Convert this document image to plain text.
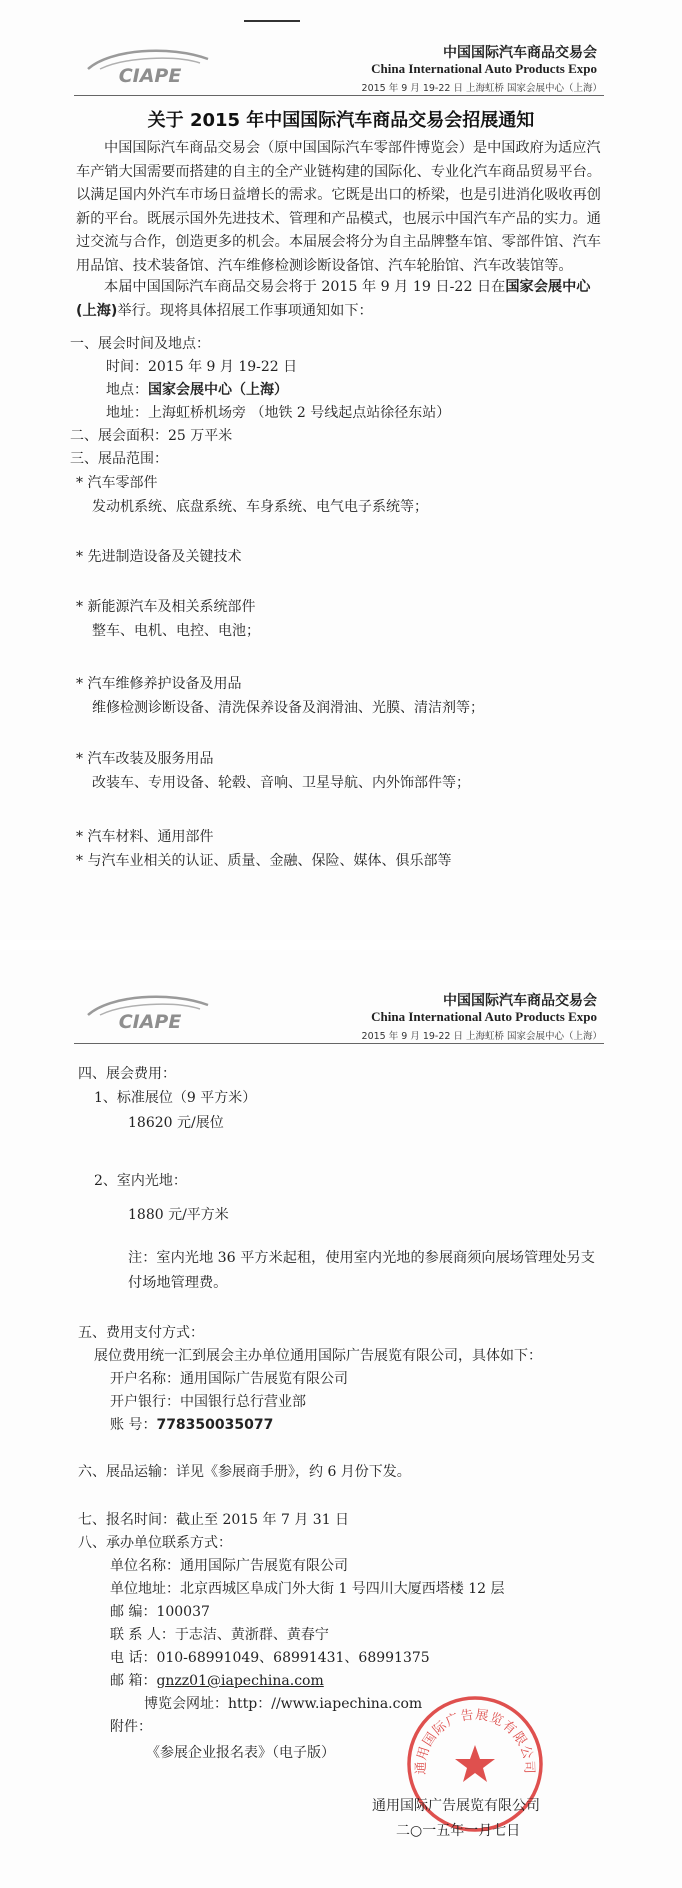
CIAPE
中国国际汽车商品交易会
China International Auto Products Expo
2015 年 9 月 19-22 日 上海虹桥 国家会展中心（上海）
关于 2015 年中国国际汽车商品交易会招展通知
中国国际汽车商品交易会（原中国国际汽车零部件博览会）是中国政府为适应汽车产销大国需要而搭建的自主的全产业链构建的国际化、专业化汽车商品贸易平台。以满足国内外汽车市场日益增长的需求。它既是出口的桥梁，也是引进消化吸收再创新的平台。既展示国外先进技术、管理和产品模式，也展示中国汽车产品的实力。通过交流与合作，创造更多的机会。本届展会将分为自主品牌整车馆、零部件馆、汽车用品馆、技术装备馆、汽车维修检测诊断设备馆、汽车轮胎馆、汽车改装馆等。
本届中国国际汽车商品交易会将于 2015 年 9 月 19 日-22 日在国家会展中心(上海)举行。现将具体招展工作事项通知如下：
一、展会时间及地点：
时间：2015 年 9 月 19-22 日
地点：国家会展中心（上海）
地址：上海虹桥机场旁 （地铁 2 号线起点站徐径东站）
二、展会面积：25 万平米
三、展品范围：
* 汽车零部件
发动机系统、底盘系统、车身系统、电气电子系统等；
* 先进制造设备及关键技术
* 新能源汽车及相关系统部件
整车、电机、电控、电池；
* 汽车维修养护设备及用品
维修检测诊断设备、清洗保养设备及润滑油、光膜、清洁剂等；
* 汽车改装及服务用品
改装车、专用设备、轮毂、音响、卫星导航、内外饰部件等；
* 汽车材料、通用部件
* 与汽车业相关的认证、质量、金融、保险、媒体、俱乐部等
CIAPE
中国国际汽车商品交易会
China International Auto Products Expo
2015 年 9 月 19-22 日 上海虹桥 国家会展中心（上海）
四、展会费用：
1、标准展位（9 平方米）
18620 元/展位
2、室内光地：
1880 元/平方米
注：室内光地 36 平方米起租，使用室内光地的参展商须向展场管理处另支付场地管理费。
五、费用支付方式：
展位费用统一汇到展会主办单位通用国际广告展览有限公司，具体如下：
开户名称：通用国际广告展览有限公司
开户银行：中国银行总行营业部
账 号：778350035077
六、展品运输：详见《参展商手册》，约 6 月份下发。
七、报名时间：截止至 2015 年 7 月 31 日
八、承办单位联系方式：
单位名称：通用国际广告展览有限公司
单位地址：北京西城区阜成门外大街 1 号四川大厦西塔楼 12 层
邮 编：100037
联 系 人：于志洁、黄浙群、黄春宁
电 话：010-68991049、68991431、68991375
邮 箱：gnzz01@iapechina.com
博览会网址：http：//www.iapechina.com
附件：
《参展企业报名表》（电子版）
通用国际广告展览有限公司
通用国际广告展览有限公司
二○一五年一月七日
